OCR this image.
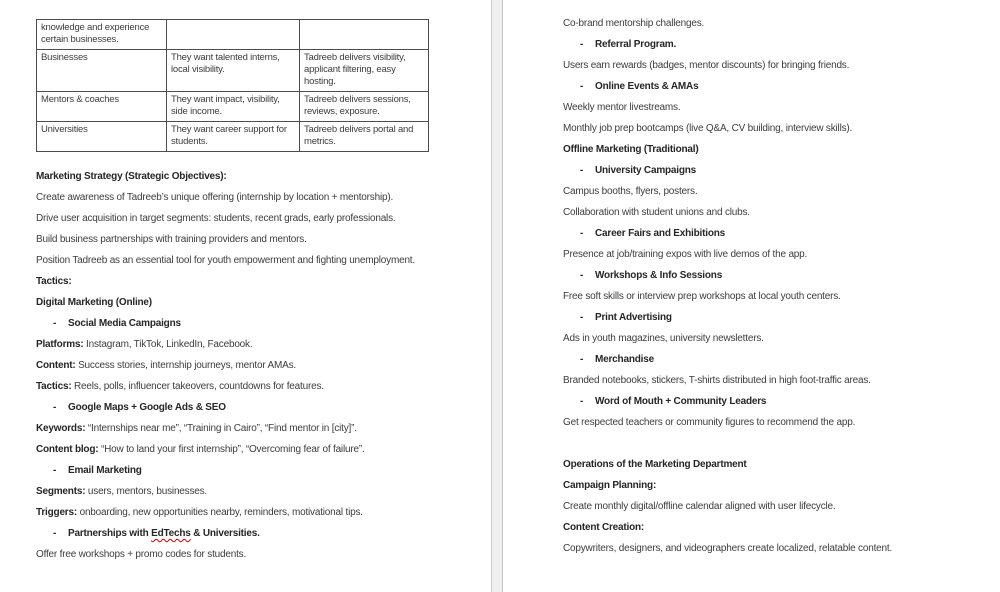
knowledge and experience certain businesses.		
Businesses	They want talented interns, local visibility.	Tadreeb delivers visibility, applicant filtering, easy hosting.
Mentors & coaches	They want impact, visibility, side income.	Tadreeb delivers sessions, reviews, exposure.
Universities	They want career support for students.	Tadreeb delivers portal and metrics.
Marketing Strategy (Strategic Objectives):
Create awareness of Tadreeb’s unique offering (internship by location + mentorship).
Drive user acquisition in target segments: students, recent grads, early professionals.
Build business partnerships with training providers and mentors.
Position Tadreeb as an essential tool for youth empowerment and fighting unemployment.
Tactics:
Digital Marketing (Online)
- Social Media Campaigns
Platforms: Instagram, TikTok, LinkedIn, Facebook.
Content: Success stories, internship journeys, mentor AMAs.
Tactics: Reels, polls, influencer takeovers, countdowns for features.
- Google Maps + Google Ads & SEO
Keywords: “Internships near me”, “Training in Cairo”, “Find mentor in [city]”.
Content blog: “How to land your first internship”, “Overcoming fear of failure”.
- Email Marketing
Segments: users, mentors, businesses.
Triggers: onboarding, new opportunities nearby, reminders, motivational tips.
- Partnerships with EdTechs & Universities.
Offer free workshops + promo codes for students.
Co-brand mentorship challenges.
- Referral Program.
Users earn rewards (badges, mentor discounts) for bringing friends.
- Online Events & AMAs
Weekly mentor livestreams.
Monthly job prep bootcamps (live Q&A, CV building, interview skills).
Offline Marketing (Traditional)
- University Campaigns
Campus booths, flyers, posters.
Collaboration with student unions and clubs.
- Career Fairs and Exhibitions
Presence at job/training expos with live demos of the app.
- Workshops & Info Sessions
Free soft skills or interview prep workshops at local youth centers.
- Print Advertising
Ads in youth magazines, university newsletters.
- Merchandise
Branded notebooks, stickers, T-shirts distributed in high foot-traffic areas.
- Word of Mouth + Community Leaders
Get respected teachers or community figures to recommend the app.
Operations of the Marketing Department
Campaign Planning:
Create monthly digital/offline calendar aligned with user lifecycle.
Content Creation:
Copywriters, designers, and videographers create localized, relatable content.
